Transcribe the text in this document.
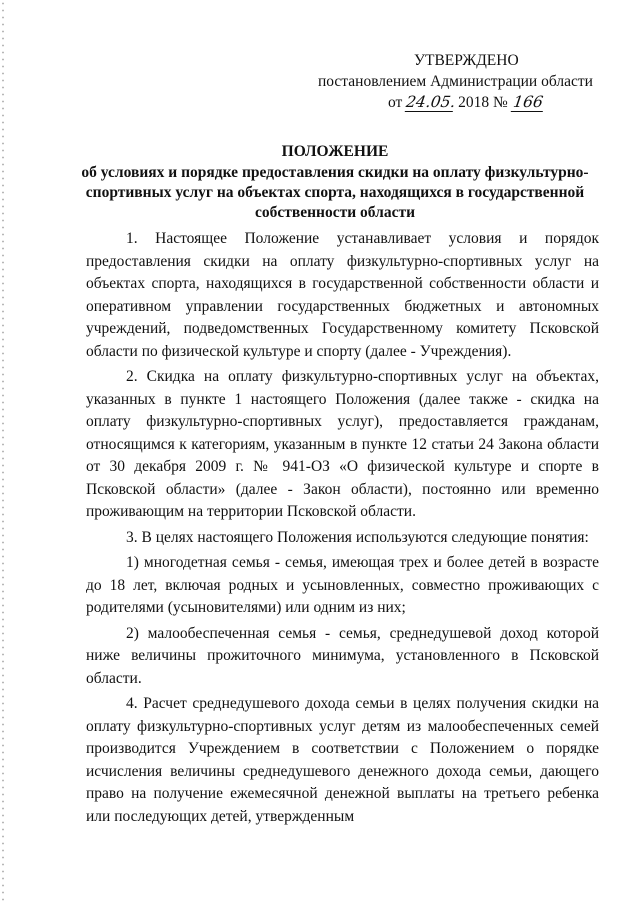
УТВЕРЖДЕНО
постановлением Администрации области
от 24.05. 2018 № 166
ПОЛОЖЕНИЕ
об условиях и порядке предоставления скидки на оплату физкультурно-спортивных услуг на объектах спорта, находящихся в государственной собственности области

1. Настоящее Положение устанавливает условия и порядок предоставления скидки на оплату физкультурно-спортивных услуг на объектах спорта, находящихся в государственной собственности области и оперативном управлении государственных бюджетных и автономных учреждений, подведомственных Государственному комитету Псковской области по физической культуре и спорту (далее - Учреждения).

2. Скидка на оплату физкультурно-спортивных услуг на объектах, указанных в пункте 1 настоящего Положения (далее также - скидка на оплату физкультурно-спортивных услуг), предоставляется гражданам, относящимся к категориям, указанным в пункте 12 статьи 24 Закона области от 30 декабря 2009 г. № 941-ОЗ «О физической культуре и спорте в Псковской области» (далее - Закон области), постоянно или временно проживающим на территории Псковской области.

3. В целях настоящего Положения используются следующие понятия:

1) многодетная семья - семья, имеющая трех и более детей в возрасте до 18 лет, включая родных и усыновленных, совместно проживающих с родителями (усыновителями) или одним из них;

2) малообеспеченная семья - семья, среднедушевой доход которой ниже величины прожиточного минимума, установленного в Псковской области.

4. Расчет среднедушевого дохода семьи в целях получения скидки на оплату физкультурно-спортивных услуг детям из малообеспеченных семей производится Учреждением в соответствии с Положением о порядке исчисления величины среднедушевого денежного дохода семьи, дающего право на получение ежемесячной денежной выплаты на третьего ребенка или последующих детей, утвержденным
